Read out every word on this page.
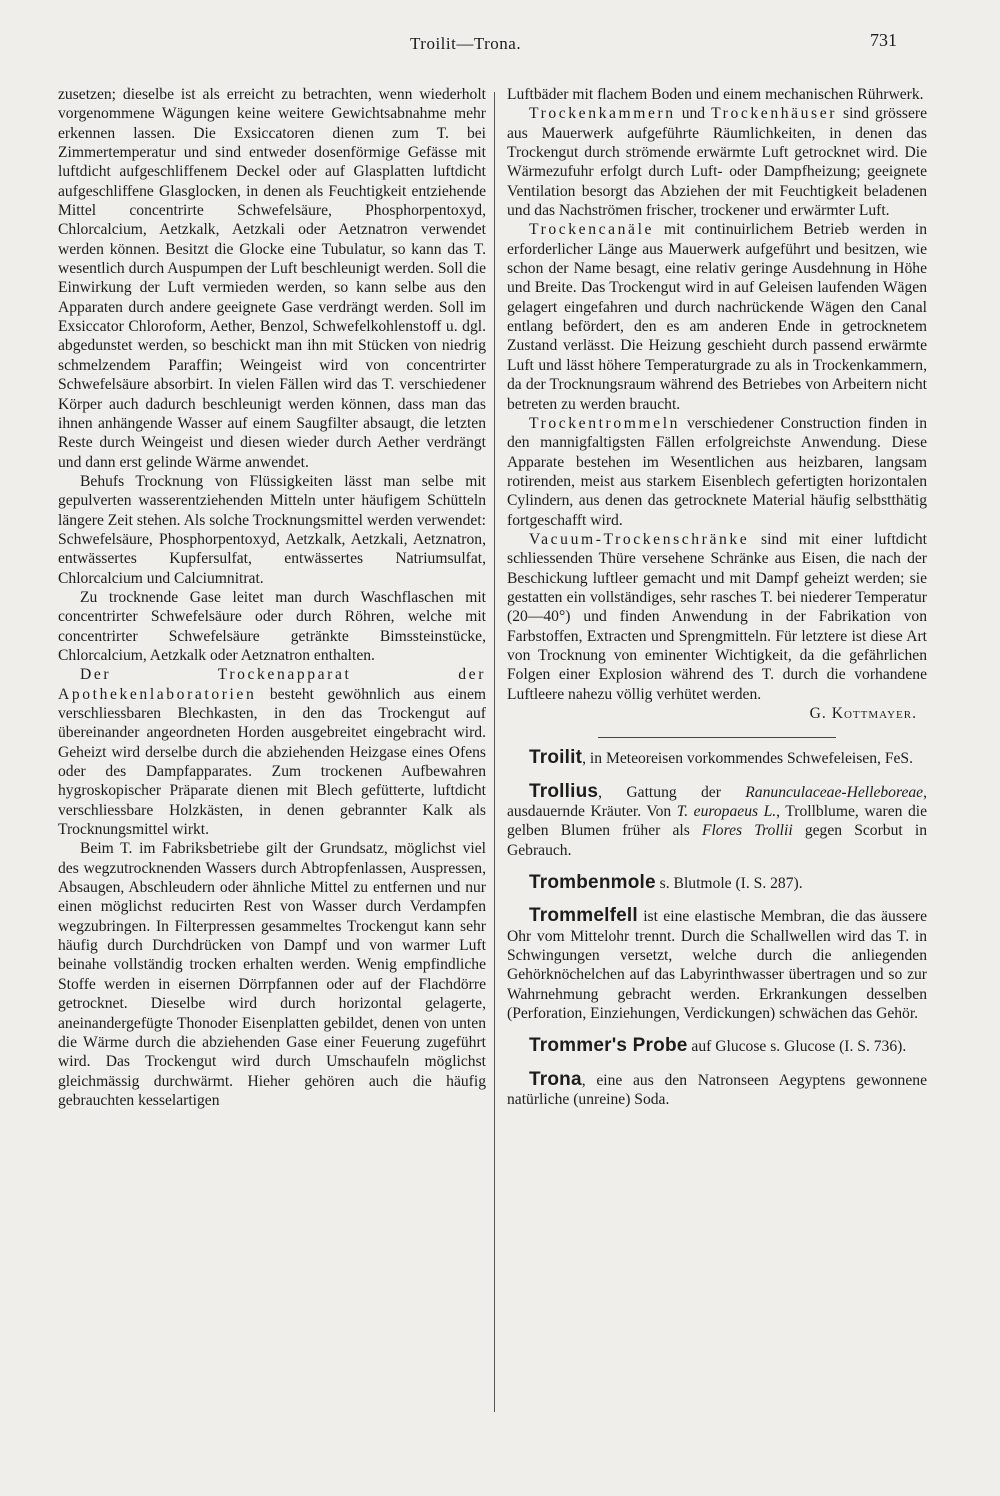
Troilit—Trona.	731

zusetzen; dieselbe ist als erreicht zu betrachten, wenn wiederholt vorgenommene Wägungen keine weitere Gewichtsabnahme mehr erkennen lassen. Die Exsiccatoren dienen zum T. bei Zimmertemperatur und sind entweder dosenförmige Gefässe mit luftdicht aufgeschliffenem Deckel oder auf Glasplatten luftdicht aufgeschliffene Glasglocken, in denen als Feuchtigkeit entziehende Mittel concentrirte Schwefelsäure, Phosphorpentoxyd, Chlorcalcium, Aetzkalk, Aetzkali oder Aetznatron verwendet werden können. Besitzt die Glocke eine Tubulatur, so kann das T. wesentlich durch Auspumpen der Luft beschleunigt werden. Soll die Einwirkung der Luft vermieden werden, so kann selbe aus den Apparaten durch andere geeignete Gase verdrängt werden. Soll im Exsiccator Chloroform, Aether, Benzol, Schwefelkohlenstoff u. dgl. abgedunstet werden, so beschickt man ihn mit Stücken von niedrig schmelzendem Paraffin; Weingeist wird von concentrirter Schwefelsäure absorbirt. In vielen Fällen wird das T. verschiedener Körper auch dadurch beschleunigt werden können, dass man das ihnen anhängende Wasser auf einem Saugfilter absaugt, die letzten Reste durch Weingeist und diesen wieder durch Aether verdrängt und dann erst gelinde Wärme anwendet.

Behufs Trocknung von Flüssigkeiten lässt man selbe mit gepulverten wasserentziehenden Mitteln unter häufigem Schütteln längere Zeit stehen. Als solche Trocknungsmittel werden verwendet: Schwefelsäure, Phosphorpentoxyd, Aetzkalk, Aetzkali, Aetznatron, entwässertes Kupfersulfat, entwässertes Natriumsulfat, Chlorcalcium und Calciumnitrat.

Zu trocknende Gase leitet man durch Waschflaschen mit concentrirter Schwefelsäure oder durch Röhren, welche mit concentrirter Schwefelsäure getränkte Bimssteinstücke, Chlorcalcium, Aetzkalk oder Aetznatron enthalten.

Der Trockenapparat der Apothekenlaboratorien besteht gewöhnlich aus einem verschliessbaren Blechkasten, in den das Trockengut auf übereinander angeordneten Horden ausgebreitet eingebracht wird. Geheizt wird derselbe durch die abziehenden Heizgase eines Ofens oder des Dampfapparates. Zum trockenen Aufbewahren hygroskopischer Präparate dienen mit Blech gefütterte, luftdicht verschliessbare Holzkästen, in denen gebrannter Kalk als Trocknungsmittel wirkt.

Beim T. im Fabriksbetriebe gilt der Grundsatz, möglichst viel des wegzutrocknenden Wassers durch Abtropfenlassen, Auspressen, Absaugen, Abschleudern oder ähnliche Mittel zu entfernen und nur einen möglichst reducirten Rest von Wasser durch Verdampfen wegzubringen. In Filterpressen gesammeltes Trockengut kann sehr häufig durch Durchdrücken von Dampf und von warmer Luft beinahe vollständig trocken erhalten werden. Wenig empfindliche Stoffe werden in eisernen Dörrpfannen oder auf der Flachdörre getrocknet. Dieselbe wird durch horizontal gelagerte, aneinandergefügte Thonoder Eisenplatten gebildet, denen von unten die Wärme durch die abziehenden Gase einer Feuerung zugeführt wird. Das Trockengut wird durch Umschaufeln möglichst gleichmässig durchwärmt. Hieher gehören auch die häufig gebrauchten kesselartigen

Luftbäder mit flachem Boden und einem mechanischen Rührwerk.

Trockenkammern und Trockenhäuser sind grössere aus Mauerwerk aufgeführte Räumlichkeiten, in denen das Trockengut durch strömende erwärmte Luft getrocknet wird. Die Wärmezufuhr erfolgt durch Luft- oder Dampfheizung; geeignete Ventilation besorgt das Abziehen der mit Feuchtigkeit beladenen und das Nachströmen frischer, trockener und erwärmter Luft.

Trockencanäle mit continuirlichem Betrieb werden in erforderlicher Länge aus Mauerwerk aufgeführt und besitzen, wie schon der Name besagt, eine relativ geringe Ausdehnung in Höhe und Breite. Das Trockengut wird in auf Geleisen laufenden Wägen gelagert eingefahren und durch nachrückende Wägen den Canal entlang befördert, den es am anderen Ende in getrocknetem Zustand verlässt. Die Heizung geschieht durch passend erwärmte Luft und lässt höhere Temperaturgrade zu als in Trockenkammern, da der Trocknungsraum während des Betriebes von Arbeitern nicht betreten zu werden braucht.

Trockentrommeln verschiedener Construction finden in den mannigfaltigsten Fällen erfolgreichste Anwendung. Diese Apparate bestehen im Wesentlichen aus heizbaren, langsam rotirenden, meist aus starkem Eisenblech gefertigten horizontalen Cylindern, aus denen das getrocknete Material häufig selbstthätig fortgeschafft wird.

Vacuum-Trockenschränke sind mit einer luftdicht schliessenden Thüre versehene Schränke aus Eisen, die nach der Beschickung luftleer gemacht und mit Dampf geheizt werden; sie gestatten ein vollständiges, sehr rasches T. bei niederer Temperatur (20—40°) und finden Anwendung in der Fabrikation von Farbstoffen, Extracten und Sprengmitteln. Für letztere ist diese Art von Trocknung von eminenter Wichtigkeit, da die gefährlichen Folgen einer Explosion während des T. durch die vorhandene Luftleere nahezu völlig verhütet werden.

G. Kottmayer.

Troilit, in Meteoreisen vorkommendes Schwefeleisen, FeS.

Trollius, Gattung der Ranunculaceae-Helleboreae, ausdauernde Kräuter. Von T. europaeus L., Trollblume, waren die gelben Blumen früher als Flores Trollii gegen Scorbut in Gebrauch.

Trombenmole s. Blutmole (I. S. 287).

Trommelfell ist eine elastische Membran, die das äussere Ohr vom Mittelohr trennt. Durch die Schallwellen wird das T. in Schwingungen versetzt, welche durch die anliegenden Gehörknöchelchen auf das Labyrinthwasser übertragen und so zur Wahrnehmung gebracht werden. Erkrankungen desselben (Perforation, Einziehungen, Verdickungen) schwächen das Gehör.

Trommer's Probe auf Glucose s. Glucose (I. S. 736).

Trona, eine aus den Natronseen Aegyptens gewonnene natürliche (unreine) Soda.
